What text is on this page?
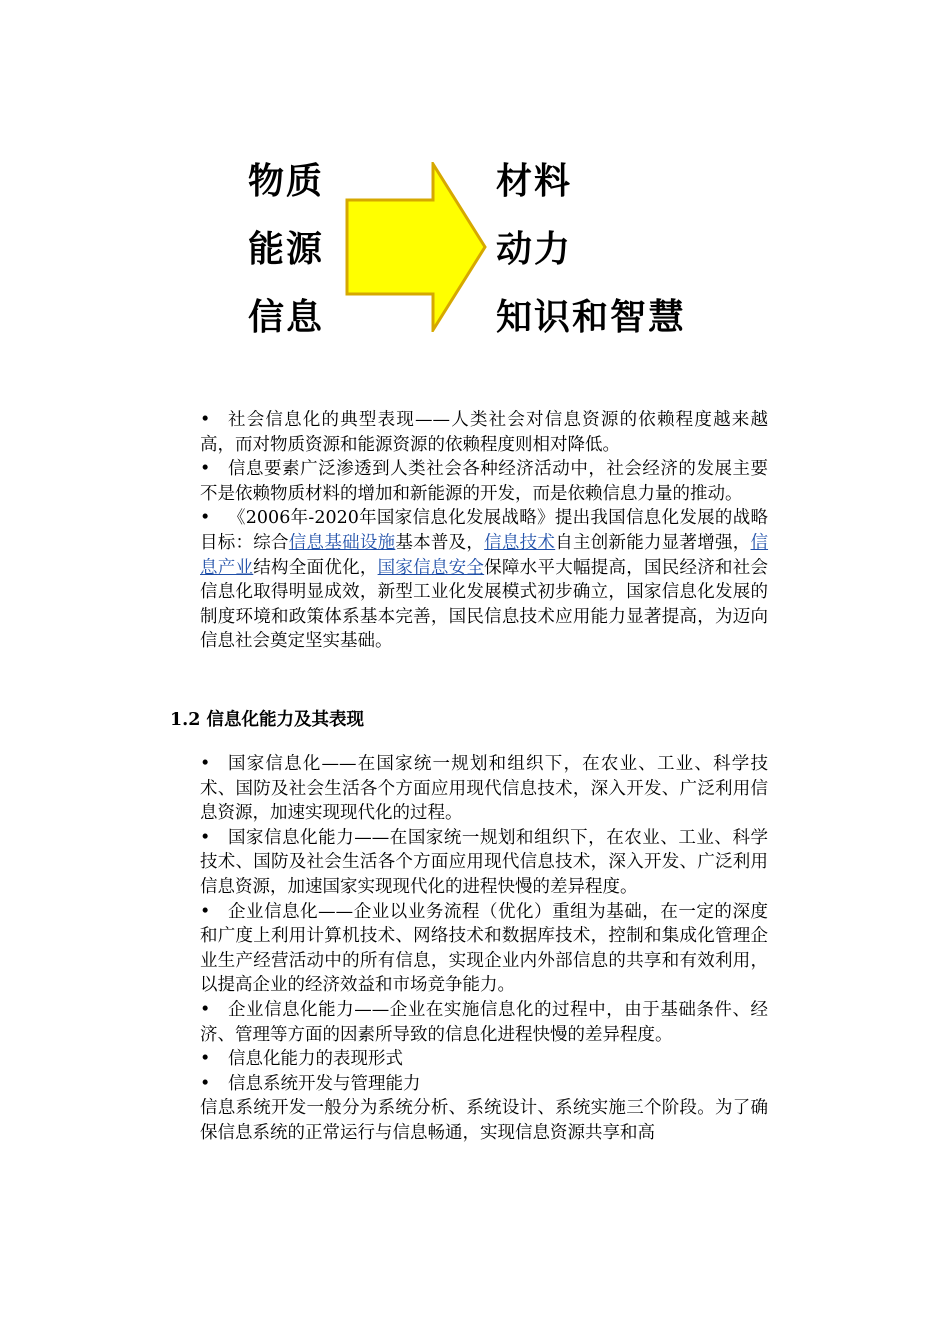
物质
能源
信息
材料
动力
知识和智慧

• 社会信息化的典型表现——人类社会对信息资源的依赖程度越来越高，而对物质资源和能源资源的依赖程度则相对降低。

• 信息要素广泛渗透到人类社会各种经济活动中，社会经济的发展主要不是依赖物质材料的增加和新能源的开发，而是依赖信息力量的推动。

• 《2006年-2020年国家信息化发展战略》提出我国信息化发展的战略目标：综合信息基础设施基本普及，信息技术自主创新能力显著增强，信息产业结构全面优化，国家信息安全保障水平大幅提高，国民经济和社会信息化取得明显成效，新型工业化发展模式初步确立，国家信息化发展的制度环境和政策体系基本完善，国民信息技术应用能力显著提高，为迈向信息社会奠定坚实基础。

1.2 信息化能力及其表现

• 国家信息化——在国家统一规划和组织下，在农业、工业、科学技术、国防及社会生活各个方面应用现代信息技术，深入开发、广泛利用信息资源，加速实现现代化的过程。

• 国家信息化能力——在国家统一规划和组织下，在农业、工业、科学技术、国防及社会生活各个方面应用现代信息技术，深入开发、广泛利用信息资源，加速国家实现现代化的进程快慢的差异程度。

• 企业信息化——企业以业务流程（优化）重组为基础，在一定的深度和广度上利用计算机技术、网络技术和数据库技术，控制和集成化管理企业生产经营活动中的所有信息，实现企业内外部信息的共享和有效利用，以提高企业的经济效益和市场竞争能力。

• 企业信息化能力——企业在实施信息化的过程中，由于基础条件、经济、管理等方面的因素所导致的信息化进程快慢的差异程度。

• 信息化能力的表现形式

• 信息系统开发与管理能力

信息系统开发一般分为系统分析、系统设计、系统实施三个阶段。为了确保信息系统的正常运行与信息畅通，实现信息资源共享和高
